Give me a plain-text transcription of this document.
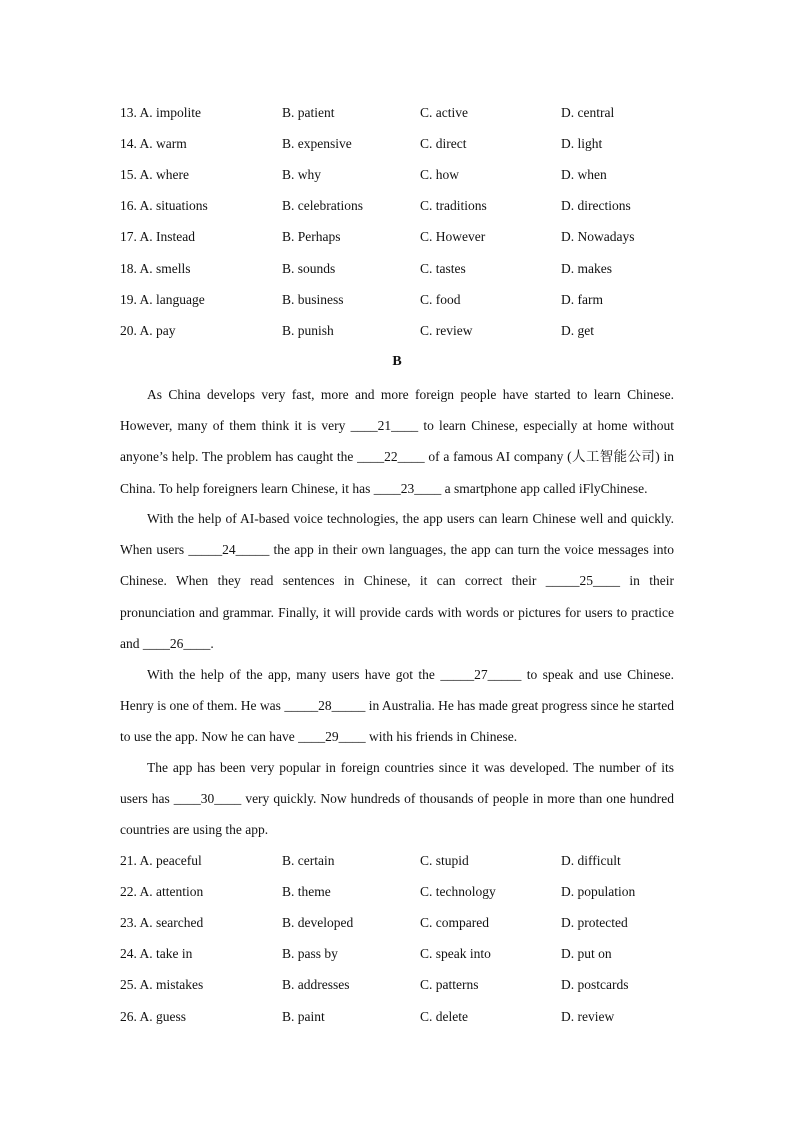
13. A. impolite	B. patient	C. active	D. central
14. A. warm	B. expensive	C. direct	D. light
15. A. where	B. why	C. how	D. when
16. A. situations	B. celebrations	C. traditions	D. directions
17. A. Instead	B. Perhaps	C. However	D. Nowadays
18. A. smells	B. sounds	C. tastes	D. makes
19. A. language	B. business	C. food	D. farm
20. A. pay	B. punish	C. review	D. get
B
As China develops very fast, more and more foreign people have started to learn Chinese. However, many of them think it is very ____21____ to learn Chinese, especially at home without anyone’s help. The problem has caught the ____22____ of a famous AI company (人工智能公司) in China. To help foreigners learn Chinese, it has ____23____ a smartphone app called iFlyChinese.
With the help of AI-based voice technologies, the app users can learn Chinese well and quickly. When users _____24_____ the app in their own languages, the app can turn the voice messages into Chinese. When they read sentences in Chinese, it can correct their _____25____ in their pronunciation and grammar. Finally, it will provide cards with words or pictures for users to practice and ____26____.
With the help of the app, many users have got the _____27_____ to speak and use Chinese. Henry is one of them. He was _____28_____ in Australia. He has made great progress since he started to use the app. Now he can have ____29____ with his friends in Chinese.
The app has been very popular in foreign countries since it was developed. The number of its users has ____30____ very quickly. Now hundreds of thousands of people in more than one hundred countries are using the app.
21. A. peaceful	B. certain	C. stupid	D. difficult
22. A. attention	B. theme	C. technology	D. population
23. A. searched	B. developed	C. compared	D. protected
24. A. take in	B. pass by	C. speak into	D. put on
25. A. mistakes	B. addresses	C. patterns	D. postcards
26. A. guess	B. paint	C. delete	D. review
